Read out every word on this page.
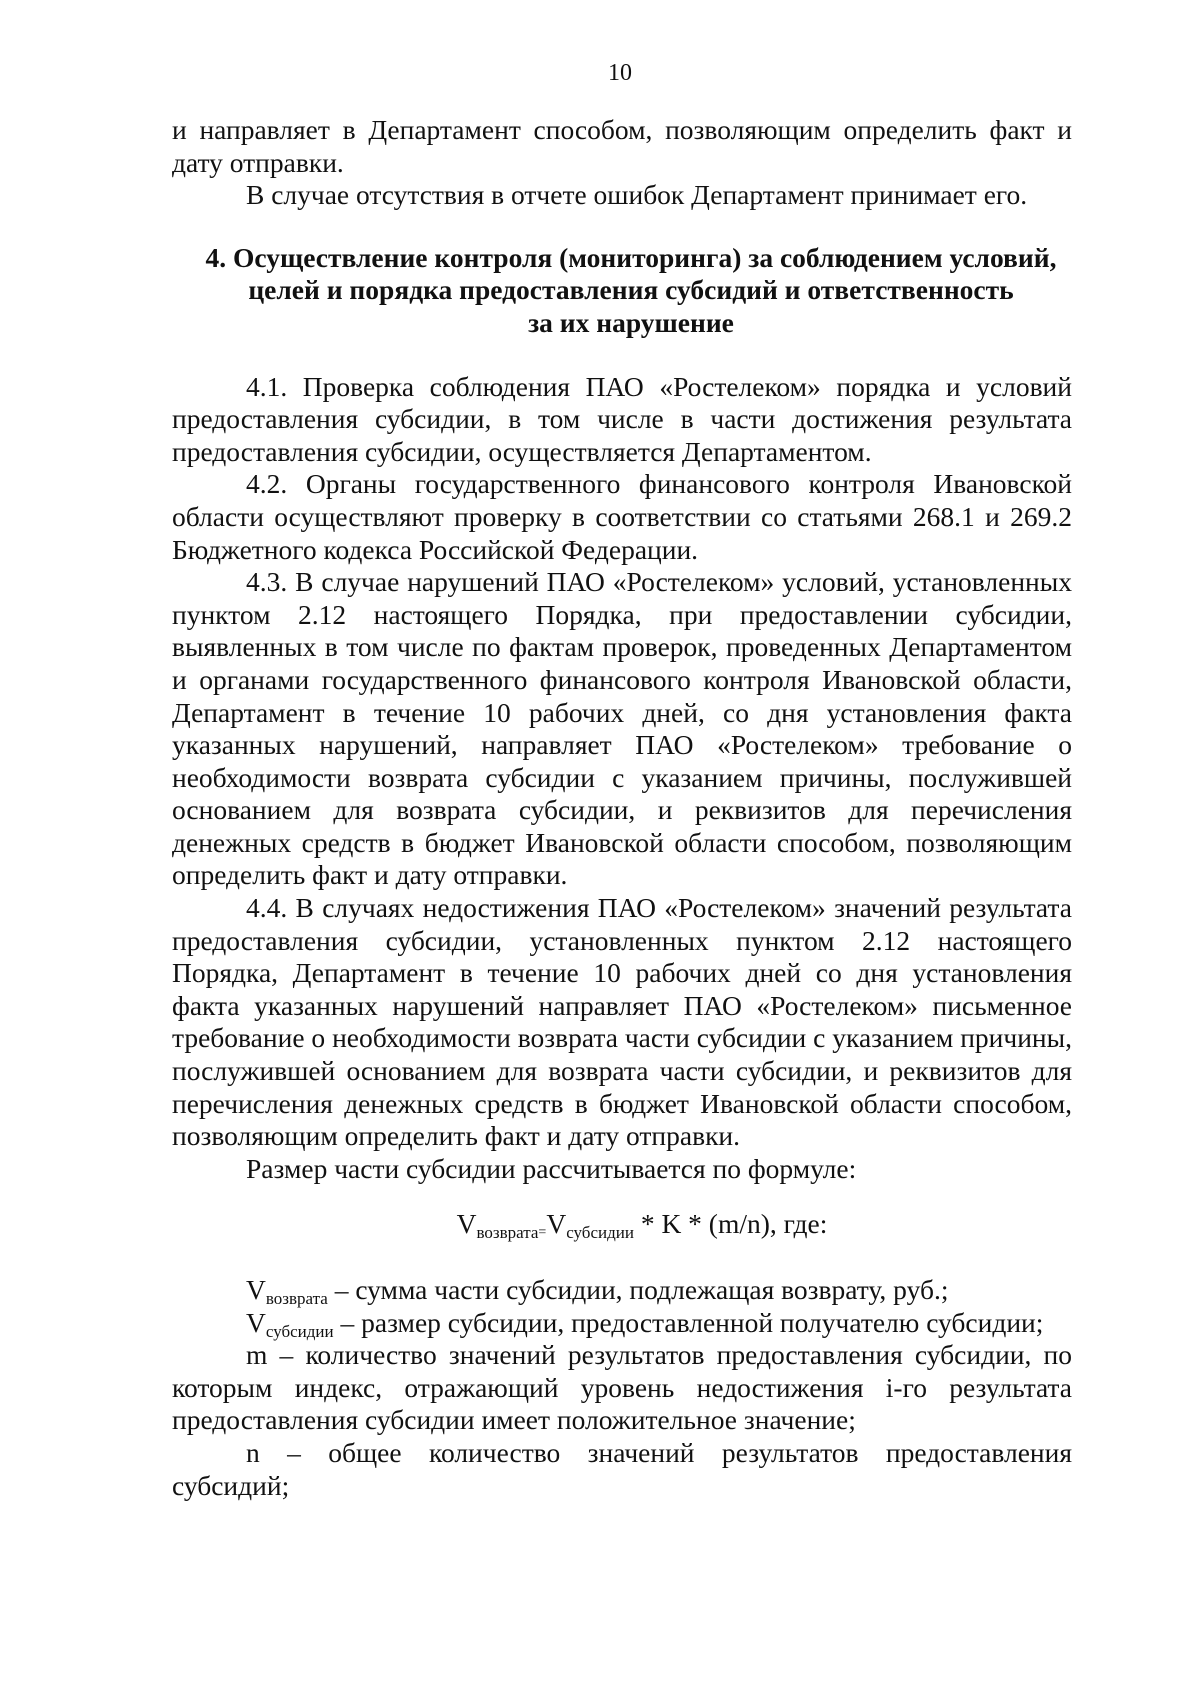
10

и направляет в Департамент способом, позволяющим определить факт и дату отправки.

В случае отсутствия в отчете ошибок Департамент принимает его.

4. Осуществление контроля (мониторинга) за соблюдением условий,
целей и порядка предоставления субсидий и ответственность
за их нарушение

4.1. Проверка соблюдения ПАО «Ростелеком» порядка и условий предоставления субсидии, в том числе в части достижения результата предоставления субсидии, осуществляется Департаментом.

4.2. Органы государственного финансового контроля Ивановской области осуществляют проверку в соответствии со статьями 268.1 и 269.2 Бюджетного кодекса Российской Федерации.

4.3. В случае нарушений ПАО «Ростелеком» условий, установленных пунктом 2.12 настоящего Порядка, при предоставлении субсидии, выявленных в том числе по фактам проверок, проведенных Департаментом и органами государственного финансового контроля Ивановской области, Департамент в течение 10 рабочих дней, со дня установления факта указанных нарушений, направляет ПАО «Ростелеком» требование о необходимости возврата субсидии с указанием причины, послужившей основанием для возврата субсидии, и реквизитов для перечисления денежных средств в бюджет Ивановской области способом, позволяющим определить факт и дату отправки.

4.4. В случаях недостижения ПАО «Ростелеком» значений результата предоставления субсидии, установленных пунктом 2.12 настоящего Порядка, Департамент в течение 10 рабочих дней со дня установления факта указанных нарушений направляет ПАО «Ростелеком» письменное требование о необходимости возврата части субсидии с указанием причины, послужившей основанием для возврата части субсидии, и реквизитов для перечисления денежных средств в бюджет Ивановской области способом, позволяющим определить факт и дату отправки.

Размер части субсидии рассчитывается по формуле:

Vвозврата=Vсубсидии * K * (m/n), где:

Vвозврата – сумма части субсидии, подлежащая возврату, руб.;

Vсубсидии – размер субсидии, предоставленной получателю субсидии;

m – количество значений результатов предоставления субсидии, по которым индекс, отражающий уровень недостижения i-го результата предоставления субсидии имеет положительное значение;

n – общее количество значений результатов предоставления субсидий;
